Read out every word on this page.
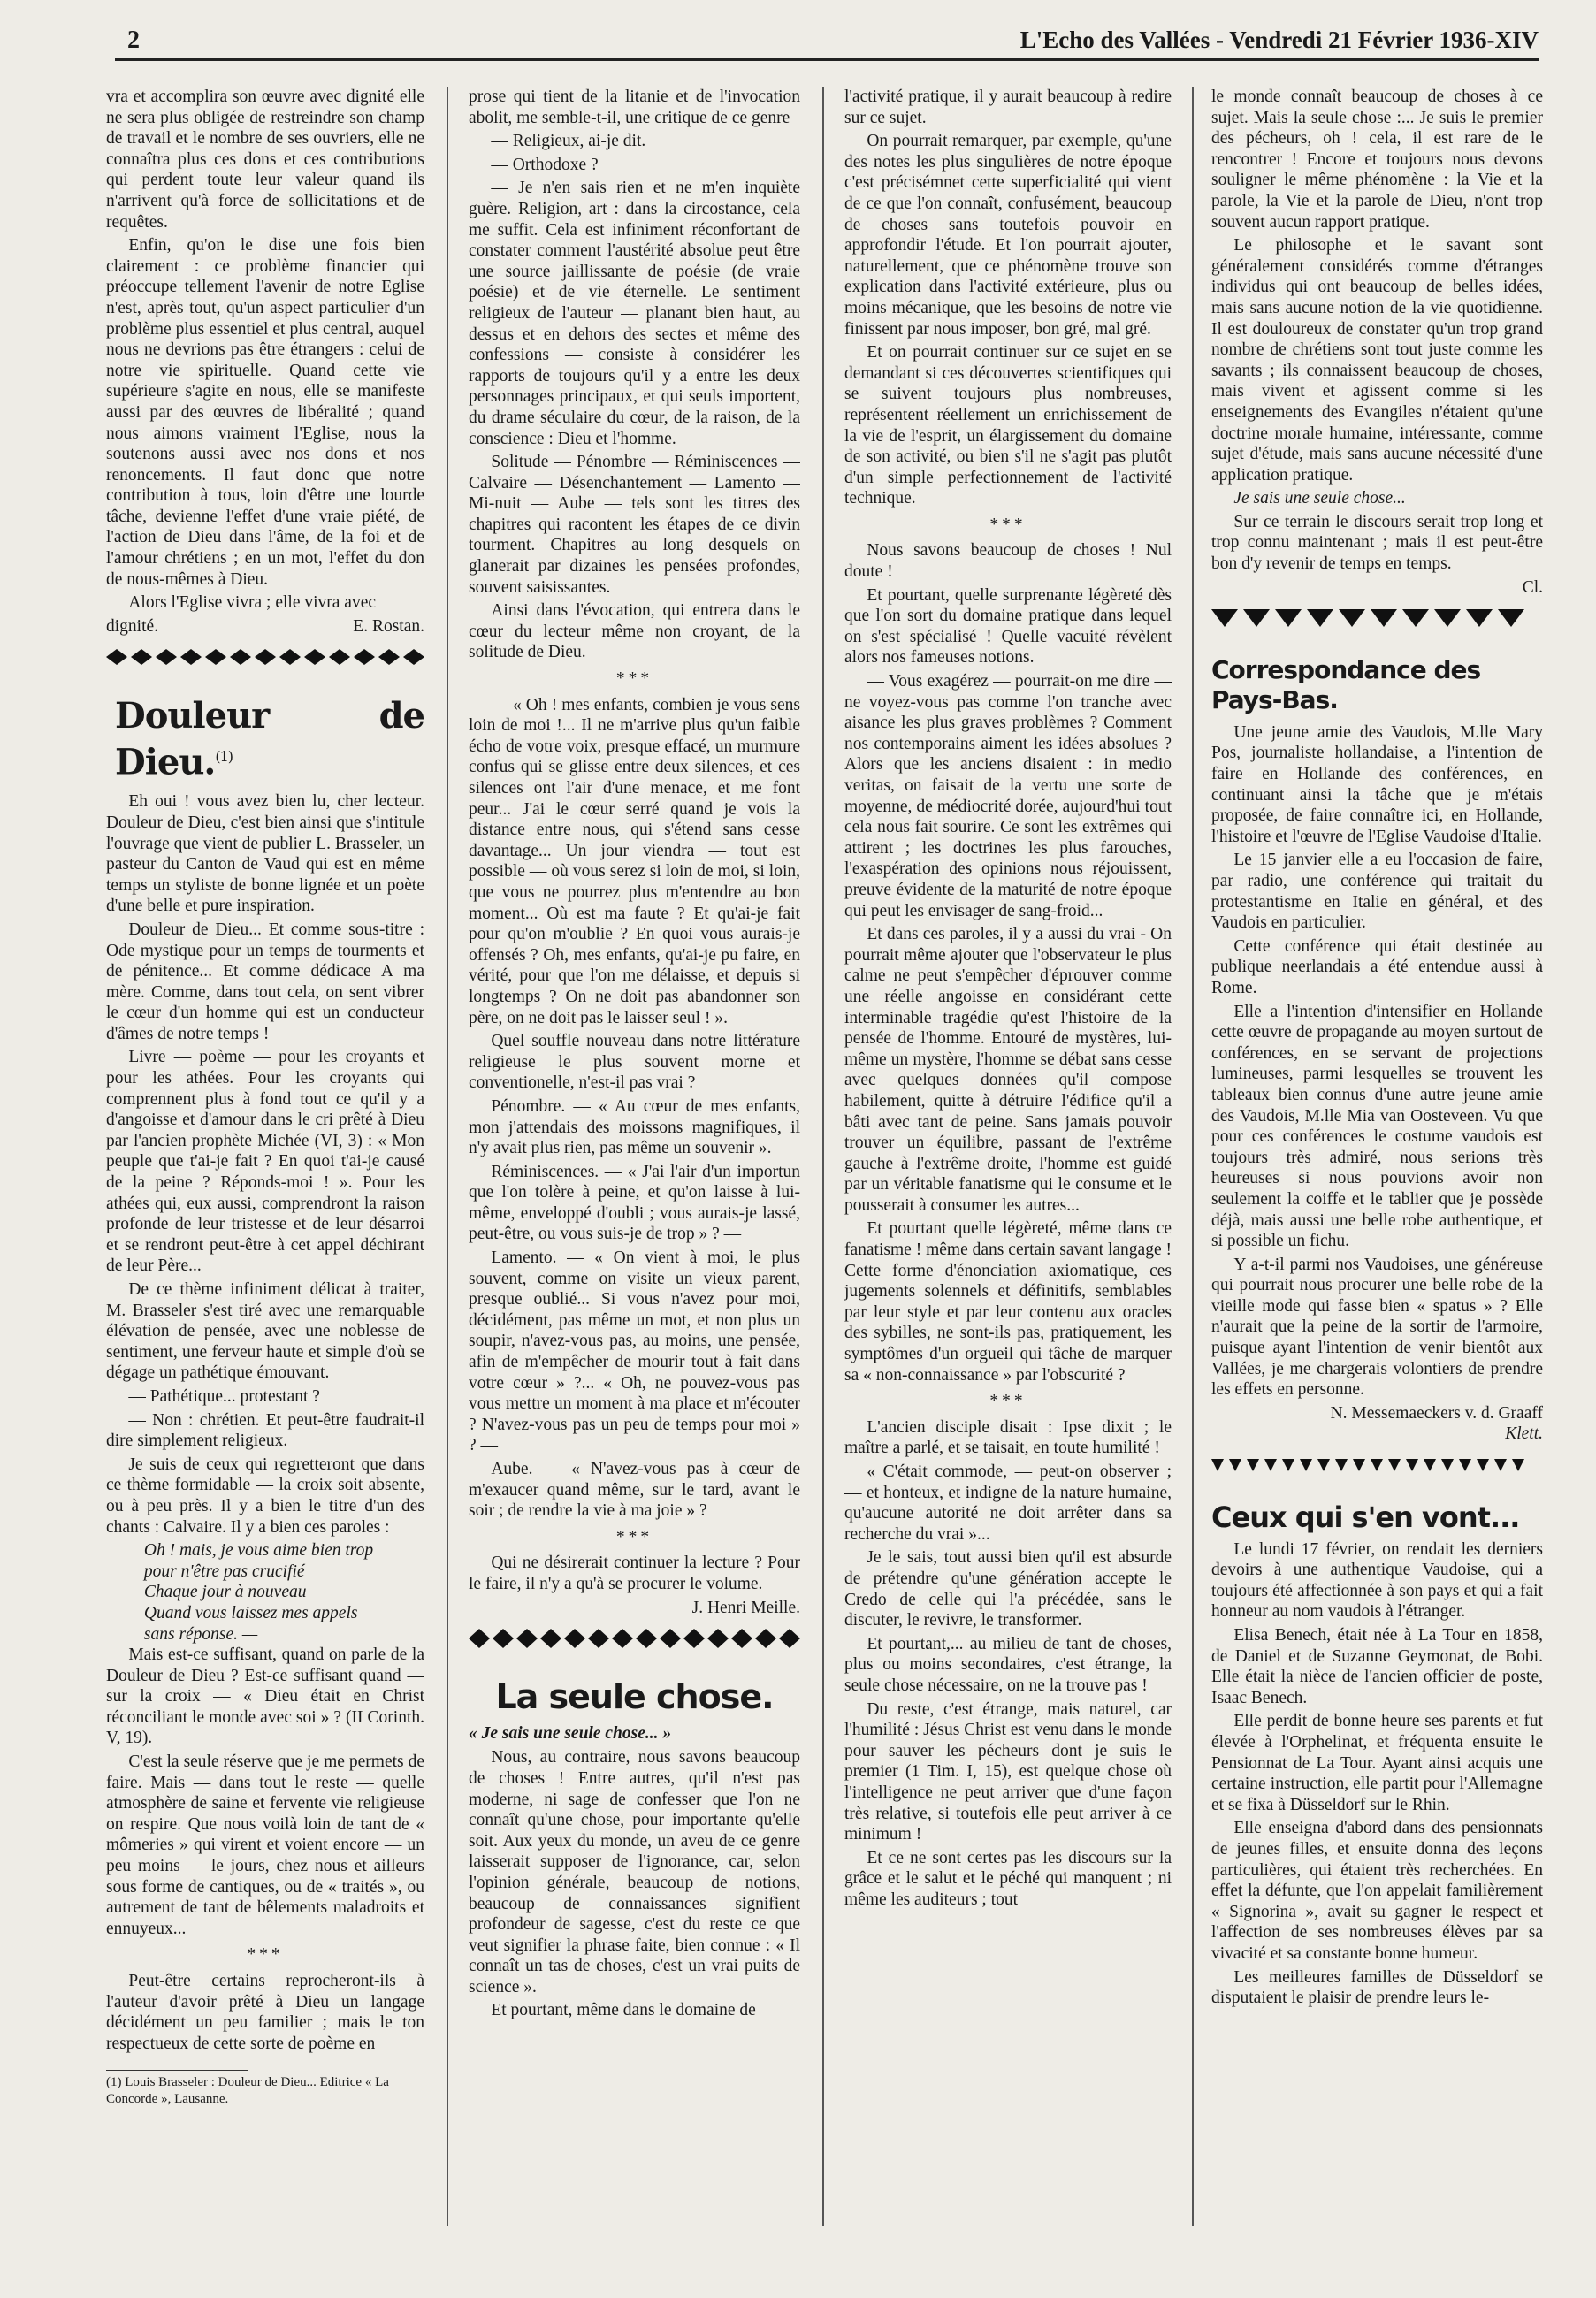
2	L'Echo des Vallées - Vendredi 21 Février 1936-XIV

vra et accomplira son œuvre avec dignité elle ne sera plus obligée de restreindre son champ de travail et le nombre de ses ouvriers, elle ne connaîtra plus ces dons et ces contributions qui perdent toute leur valeur quand ils n'arrivent qu'à force de sollicitations et de requêtes.

Enfin, qu'on le dise une fois bien clairement : ce problème financier qui préoccupe tellement l'avenir de notre Eglise n'est, après tout, qu'un aspect particulier d'un problème plus essentiel et plus central, auquel nous ne devrions pas être étrangers : celui de notre vie spirituelle. Quand cette vie supérieure s'agite en nous, elle se manifeste aussi par des œuvres de libéralité ; quand nous aimons vraiment l'Eglise, nous la soutenons aussi avec nos dons et nos renoncements. Il faut donc que notre contribution à tous, loin d'être une lourde tâche, devienne l'effet d'une vraie piété, de l'action de Dieu dans l'âme, de la foi et de l'amour chrétiens ; en un mot, l'effet du don de nous-mêmes à Dieu.

Alors l'Eglise vivra ; elle vivra avec

dignité.	E. Rostan.
Douleur de Dieu.$^{(1)}$

Eh oui ! vous avez bien lu, cher lecteur. Douleur de Dieu, c'est bien ainsi que s'intitule l'ouvrage que vient de publier L. Brasseler, un pasteur du Canton de Vaud qui est en même temps un styliste de bonne lignée et un poète d'une belle et pure inspiration.

Douleur de Dieu... Et comme sous-titre : Ode mystique pour un temps de tourments et de pénitence... Et comme dédicace A ma mère. Comme, dans tout cela, on sent vibrer le cœur d'un homme qui est un conducteur d'âmes de notre temps !

Livre — poème — pour les croyants et pour les athées. Pour les croyants qui comprennent plus à fond tout ce qu'il y a d'angoisse et d'amour dans le cri prêté à Dieu par l'ancien prophète Michée (VI, 3) : « Mon peuple que t'ai-je fait ? En quoi t'ai-je causé de la peine ? Réponds-moi ! ». Pour les athées qui, eux aussi, comprendront la raison profonde de leur tristesse et de leur désarroi et se rendront peut-être à cet appel déchirant de leur Père...

De ce thème infiniment délicat à traiter, M. Brasseler s'est tiré avec une remarquable élévation de pensée, avec une noblesse de sentiment, une ferveur haute et simple d'où se dégage un pathétique émouvant.

— Pathétique... protestant ?

— Non : chrétien. Et peut-être faudrait-il dire simplement religieux.

Je suis de ceux qui regretteront que dans ce thème formidable — la croix soit absente, ou à peu près. Il y a bien le titre d'un des chants : Calvaire. Il y a bien ces paroles :

Oh ! mais, je vous aime bien trop
pour n'être pas crucifié
Chaque jour à nouveau
Quand vous laissez mes appels
sans réponse. —

Mais est-ce suffisant, quand on parle de la Douleur de Dieu ? Est-ce suffisant quand — sur la croix — « Dieu était en Christ réconciliant le monde avec soi » ? (II Corinth. V, 19).

C'est la seule réserve que je me permets de faire. Mais — dans tout le reste — quelle atmosphère de saine et fervente vie religieuse on respire. Que nous voilà loin de tant de « mômeries » qui virent et voient encore — un peu moins — le jours, chez nous et ailleurs sous forme de cantiques, ou de « traités », ou autrement de tant de bêlements maladroits et ennuyeux...

***

Peut-être certains reprocheront-ils à l'auteur d'avoir prêté à Dieu un langage décidément un peu familier ; mais le ton respectueux de cette sorte de poème en

(1) Louis Brasseler : Douleur de Dieu... Editrice « La Concorde », Lausanne.

prose qui tient de la litanie et de l'invocation abolit, me semble-t-il, une critique de ce genre

— Religieux, ai-je dit.

— Orthodoxe ?

— Je n'en sais rien et ne m'en inquiète guère. Religion, art : dans la circostance, cela me suffit. Cela est infiniment réconfortant de constater comment l'austérité absolue peut être une source jaillissante de poésie (de vraie poésie) et de vie éternelle. Le sentiment religieux de l'auteur — planant bien haut, au dessus et en dehors des sectes et même des confessions — consiste à considérer les rapports de toujours qu'il y a entre les deux personnages principaux, et qui seuls importent, du drame séculaire du cœur, de la raison, de la conscience : Dieu et l'homme.

Solitude — Pénombre — Réminiscences — Calvaire — Désenchantement — Lamento — Mi-nuit — Aube — tels sont les titres des chapitres qui racontent les étapes de ce divin tourment. Chapitres au long desquels on glanerait par dizaines les pensées profondes, souvent saisissantes.

Ainsi dans l'évocation, qui entrera dans le cœur du lecteur même non croyant, de la solitude de Dieu.

***

— « Oh ! mes enfants, combien je vous sens loin de moi !... Il ne m'arrive plus qu'un faible écho de votre voix, presque effacé, un murmure confus qui se glisse entre deux silences, et ces silences ont l'air d'une menace, et me font peur... J'ai le cœur serré quand je vois la distance entre nous, qui s'étend sans cesse davantage... Un jour viendra — tout est possible — où vous serez si loin de moi, si loin, que vous ne pourrez plus m'entendre au bon moment... Où est ma faute ? Et qu'ai-je fait pour qu'on m'oublie ? En quoi vous aurais-je offensés ? Oh, mes enfants, qu'ai-je pu faire, en vérité, pour que l'on me délaisse, et depuis si longtemps ? On ne doit pas abandonner son père, on ne doit pas le laisser seul ! ». —

Quel souffle nouveau dans notre littérature religieuse le plus souvent morne et conventionelle, n'est-il pas vrai ?

Pénombre. — « Au cœur de mes enfants, mon j'attendais des moissons magnifiques, il n'y avait plus rien, pas même un souvenir ». —

Réminiscences. — « J'ai l'air d'un importun que l'on tolère à peine, et qu'on laisse à lui-même, enveloppé d'oubli ; vous aurais-je lassé, peut-être, ou vous suis-je de trop » ? —

Lamento. — « On vient à moi, le plus souvent, comme on visite un vieux parent, presque oublié... Si vous n'avez pour moi, décidément, pas même un mot, et non plus un soupir, n'avez-vous pas, au moins, une pensée, afin de m'empêcher de mourir tout à fait dans votre cœur » ?... « Oh, ne pouvez-vous pas vous mettre un moment à ma place et m'écouter ? N'avez-vous pas un peu de temps pour moi » ? —

Aube. — « N'avez-vous pas à cœur de m'exaucer quand même, sur le tard, avant le soir ; de rendre la vie à ma joie » ?

***

Qui ne désirerait continuer la lecture ? Pour le faire, il n'y a qu'à se procurer le volume.

J. Henri Meille.
La seule chose.
« Je sais une seule chose... »

Nous, au contraire, nous savons beaucoup de choses ! Entre autres, qu'il n'est pas moderne, ni sage de confesser que l'on ne connaît qu'une chose, pour importante qu'elle soit. Aux yeux du monde, un aveu de ce genre laisserait supposer de l'ignorance, car, selon l'opinion générale, beaucoup de notions, beaucoup de connaissances signifient profondeur de sagesse, c'est du reste ce que veut signifier la phrase faite, bien connue : « Il connaît un tas de choses, c'est un vrai puits de science ».

Et pourtant, même dans le domaine de

l'activité pratique, il y aurait beaucoup à redire sur ce sujet.

On pourrait remarquer, par exemple, qu'une des notes les plus singulières de notre époque c'est précisémnet cette superficialité qui vient de ce que l'on connaît, confusément, beaucoup de choses sans toutefois pouvoir en approfondir l'étude. Et l'on pourrait ajouter, naturellement, que ce phénomène trouve son explication dans l'activité extérieure, plus ou moins mécanique, que les besoins de notre vie finissent par nous imposer, bon gré, mal gré.

Et on pourrait continuer sur ce sujet en se demandant si ces découvertes scientifiques qui se suivent toujours plus nombreuses, représentent réellement un enrichissement de la vie de l'esprit, un élargissement du domaine de son activité, ou bien s'il ne s'agit pas plutôt d'un simple perfectionnement de l'activité technique.

***

Nous savons beaucoup de choses ! Nul doute !

Et pourtant, quelle surprenante légèreté dès que l'on sort du domaine pratique dans lequel on s'est spécialisé ! Quelle vacuité révèlent alors nos fameuses notions.

— Vous exagérez — pourrait-on me dire — ne voyez-vous pas comme l'on tranche avec aisance les plus graves problèmes ? Comment nos contemporains aiment les idées absolues ? Alors que les anciens disaient : in medio veritas, on faisait de la vertu une sorte de moyenne, de médiocrité dorée, aujourd'hui tout cela nous fait sourire. Ce sont les extrêmes qui attirent ; les doctrines les plus farouches, l'exaspération des opinions nous réjouissent, preuve évidente de la maturité de notre époque qui peut les envisager de sang-froid...

Et dans ces paroles, il y a aussi du vrai - On pourrait même ajouter que l'observateur le plus calme ne peut s'empêcher d'éprouver comme une réelle angoisse en considérant cette interminable tragédie qu'est l'histoire de la pensée de l'homme. Entouré de mystères, lui-même un mystère, l'homme se débat sans cesse avec quelques données qu'il compose habilement, quitte à détruire l'édifice qu'il a bâti avec tant de peine. Sans jamais pouvoir trouver un équilibre, passant de l'extrême gauche à l'extrême droite, l'homme est guidé par un véritable fanatisme qui le consume et le pousserait à consumer les autres...

Et pourtant quelle légèreté, même dans ce fanatisme ! même dans certain savant langage ! Cette forme d'énonciation axiomatique, ces jugements solennels et définitifs, semblables par leur style et par leur contenu aux oracles des sybilles, ne sont-ils pas, pratiquement, les symptômes d'un orgueil qui tâche de marquer sa « non-connaissance » par l'obscurité ?

***

L'ancien disciple disait : Ipse dixit ; le maître a parlé, et se taisait, en toute humilité !

« C'était commode, — peut-on observer ; — et honteux, et indigne de la nature humaine, qu'aucune autorité ne doit arrêter dans sa recherche du vrai »...

Je le sais, tout aussi bien qu'il est absurde de prétendre qu'une génération accepte le Credo de celle qui l'a précédée, sans le discuter, le revivre, le transformer.

Et pourtant,... au milieu de tant de choses, plus ou moins secondaires, c'est étrange, la seule chose nécessaire, on ne la trouve pas !

Du reste, c'est étrange, mais naturel, car l'humilité : Jésus Christ est venu dans le monde pour sauver les pécheurs dont je suis le premier (1 Tim. I, 15), est quelque chose où l'intelligence ne peut arriver que d'une façon très relative, si toutefois elle peut arriver à ce minimum !

Et ce ne sont certes pas les discours sur la grâce et le salut et le péché qui manquent ; ni même les auditeurs ; tout

le monde connaît beaucoup de choses à ce sujet. Mais la seule chose :... Je suis le premier des pécheurs, oh ! cela, il est rare de le rencontrer ! Encore et toujours nous devons souligner le même phénomène : la Vie et la parole, la Vie et la parole de Dieu, n'ont trop souvent aucun rapport pratique.

Le philosophe et le savant sont généralement considérés comme d'étranges individus qui ont beaucoup de belles idées, mais sans aucune notion de la vie quotidienne. Il est douloureux de constater qu'un trop grand nombre de chrétiens sont tout juste comme les savants ; ils connaissent beaucoup de choses, mais vivent et agissent comme si les enseignements des Evangiles n'étaient qu'une doctrine morale humaine, intéressante, comme sujet d'étude, mais sans aucune nécessité d'une application pratique.

Je sais une seule chose...

Sur ce terrain le discours serait trop long et trop connu maintenant ; mais il est peut-être bon d'y revenir de temps en temps.

Cl.
Correspondance des Pays-Bas.

Une jeune amie des Vaudois, M.lle Mary Pos, journaliste hollandaise, a l'intention de faire en Hollande des conférences, en continuant ainsi la tâche que je m'étais proposée, de faire connaître ici, en Hollande, l'histoire et l'œuvre de l'Eglise Vaudoise d'Italie.

Le 15 janvier elle a eu l'occasion de faire, par radio, une conférence qui traitait du protestantisme en Italie en général, et des Vaudois en particulier.

Cette conférence qui était destinée au publique neerlandais a été entendue aussi à Rome.

Elle a l'intention d'intensifier en Hollande cette œuvre de propagande au moyen surtout de conférences, en se servant de projections lumineuses, parmi lesquelles se trouvent les tableaux bien connus d'une autre jeune amie des Vaudois, M.lle Mia van Oosteveen. Vu que pour ces conférences le costume vaudois est toujours très admiré, nous serions très heureuses si nous pouvions avoir non seulement la coiffe et le tablier que je possède déjà, mais aussi une belle robe authentique, et si possible un fichu.

Y a-t-il parmi nos Vaudoises, une généreuse qui pourrait nous procurer une belle robe de la vieille mode qui fasse bien « spatus » ? Elle n'aurait que la peine de la sortir de l'armoire, puisque ayant l'intention de venir bientôt aux Vallées, je me chargerais volontiers de prendre les effets en personne.

N. Messemaeckers v. d. Graaff
Klett.
Ceux qui s'en vont...

Le lundi 17 février, on rendait les derniers devoirs à une authentique Vaudoise, qui a toujours été affectionnée à son pays et qui a fait honneur au nom vaudois à l'étranger.

Elisa Benech, était née à La Tour en 1858, de Daniel et de Suzanne Geymonat, de Bobi. Elle était la nièce de l'ancien officier de poste, Isaac Benech.

Elle perdit de bonne heure ses parents et fut élevée à l'Orphelinat, et fréquenta ensuite le Pensionnat de La Tour. Ayant ainsi acquis une certaine instruction, elle partit pour l'Allemagne et se fixa à Düsseldorf sur le Rhin.

Elle enseigna d'abord dans des pensionnats de jeunes filles, et ensuite donna des leçons particulières, qui étaient très recherchées. En effet la défunte, que l'on appelait familièrement « Signorina », avait su gagner le respect et l'affection de ses nombreuses élèves par sa vivacité et sa constante bonne humeur.

Les meilleures familles de Düsseldorf se disputaient le plaisir de prendre leurs le-
